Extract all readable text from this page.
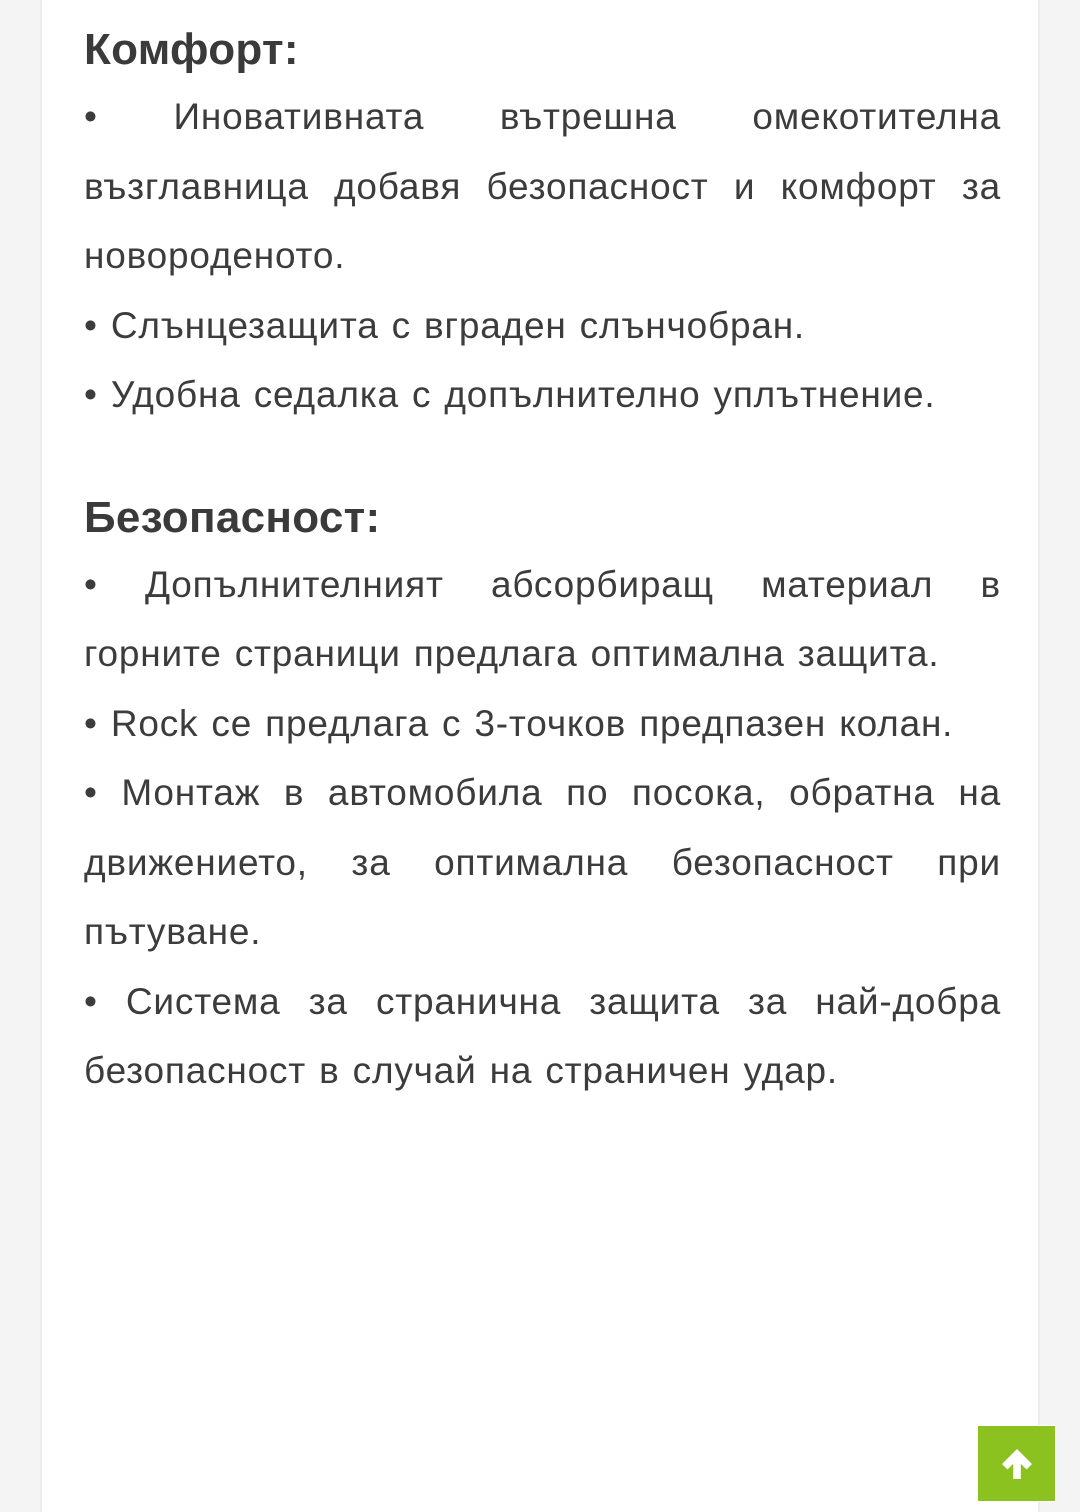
Комфорт:

• Иновативната вътрешна омекотителна възглавница добавя безопасност и комфорт за новороденото.

• Слънцезащита с вграден слънчобран.

• Удобна седалка с допълнително уплътнение.

Безопасност:

• Допълнителният абсорбиращ материал в горните страници предлага оптимална защита.

• Rock се предлага с 3-точков предпазен колан.

• Монтаж в автомобила по посока, обратна на движението, за оптимална безопасност при пътуване.

• Система за странична защита за най-добра безопасност в случай на страничен удар.
